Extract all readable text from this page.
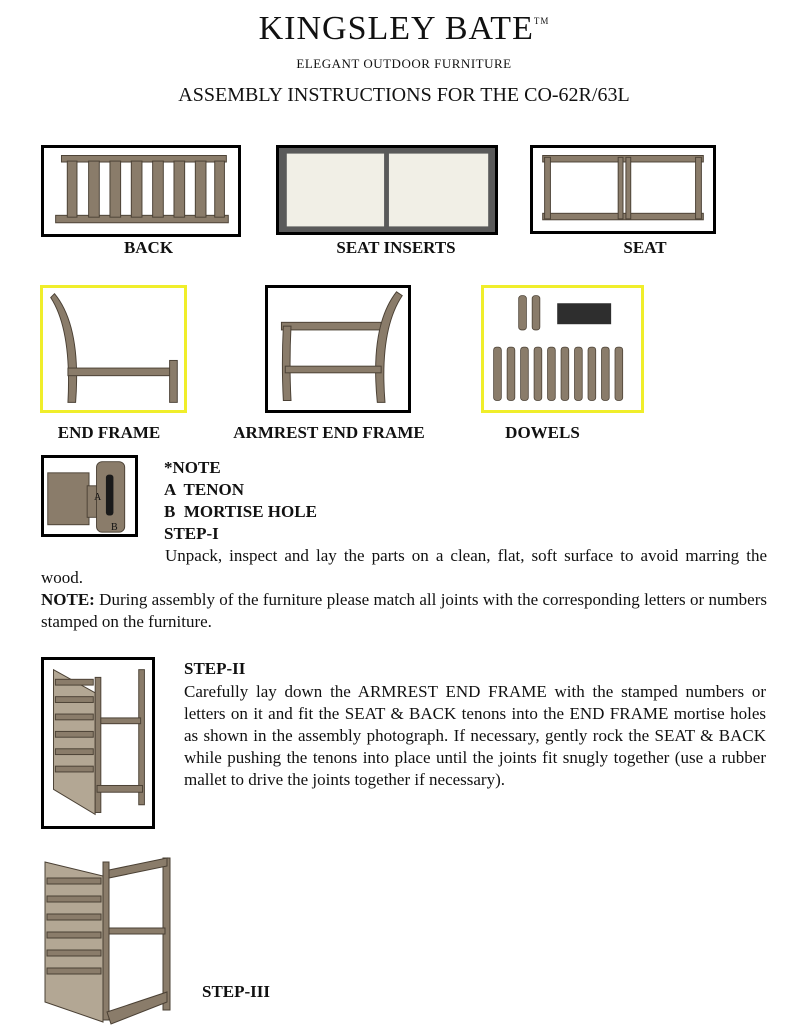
KINGSLEY BATE™
ELEGANT OUTDOOR FURNITURE
ASSEMBLY INSTRUCTIONS FOR THE CO-62R/63L
BACK	SEAT INSERTS	SEAT
END FRAME	ARMREST END FRAME	DOWELS
A
B
*NOTE
A  TENON
B  MORTISE HOLE
STEP-I
Unpack, inspect and lay the parts on a clean, flat, soft surface to avoid marring the wood.
NOTE: During assembly of the furniture please match all joints with the corresponding letters or numbers stamped on the furniture.
STEP-II
Carefully lay down the ARMREST END FRAME with the stamped numbers or letters on it and fit the SEAT & BACK tenons into the END FRAME mortise holes as shown in the assembly photograph. If necessary, gently rock the SEAT & BACK while pushing the tenons into place until the joints fit snugly together (use a rubber mallet to drive the joints together if necessary).
STEP-III
